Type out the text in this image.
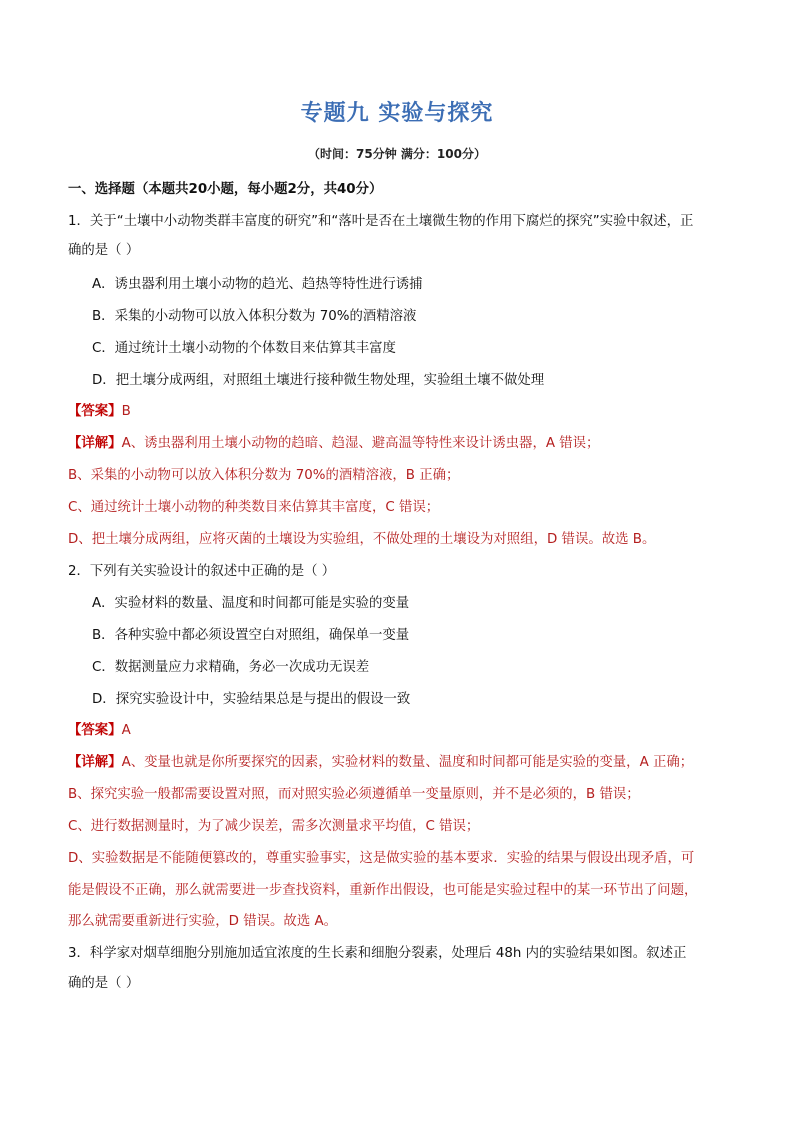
专题九 实验与探究
（时间：75分钟 满分：100分）
一、选择题（本题共20小题，每小题2分，共40分）
1．关于“土壤中小动物类群丰富度的研究”和“落叶是否在土壤微生物的作用下腐烂的探究”实验中叙述，正
确的是（ ）
A．诱虫器利用土壤小动物的趋光、趋热等特性进行诱捕
B．采集的小动物可以放入体积分数为 70%的酒精溶液
C．通过统计土壤小动物的个体数目来估算其丰富度
D．把土壤分成两组，对照组土壤进行接种微生物处理，实验组土壤不做处理
【答案】B
【详解】A、诱虫器利用土壤小动物的趋暗、趋湿、避高温等特性来设计诱虫器，A 错误；
B、采集的小动物可以放入体积分数为 70%的酒精溶液，B 正确；
C、通过统计土壤小动物的种类数目来估算其丰富度，C 错误；
D、把土壤分成两组，应将灭菌的土壤设为实验组，不做处理的土壤设为对照组，D 错误。故选 B。
2．下列有关实验设计的叙述中正确的是（ ）
A．实验材料的数量、温度和时间都可能是实验的变量
B．各种实验中都必须设置空白对照组，确保单一变量
C．数据测量应力求精确，务必一次成功无误差
D．探究实验设计中，实验结果总是与提出的假设一致
【答案】A
【详解】A、变量也就是你所要探究的因素，实验材料的数量、温度和时间都可能是实验的变量，A 正确；
B、探究实验一般都需要设置对照，而对照实验必须遵循单一变量原则，并不是必须的，B 错误；
C、进行数据测量时，为了减少误差，需多次测量求平均值，C 错误；
D、实验数据是不能随便篡改的，尊重实验事实，这是做实验的基本要求．实验的结果与假设出现矛盾，可
能是假设不正确，那么就需要进一步查找资料，重新作出假设，也可能是实验过程中的某一环节出了问题，
那么就需要重新进行实验，D 错误。故选 A。
3．科学家对烟草细胞分别施加适宜浓度的生长素和细胞分裂素，处理后 48h 内的实验结果如图。叙述正
确的是（ ）
